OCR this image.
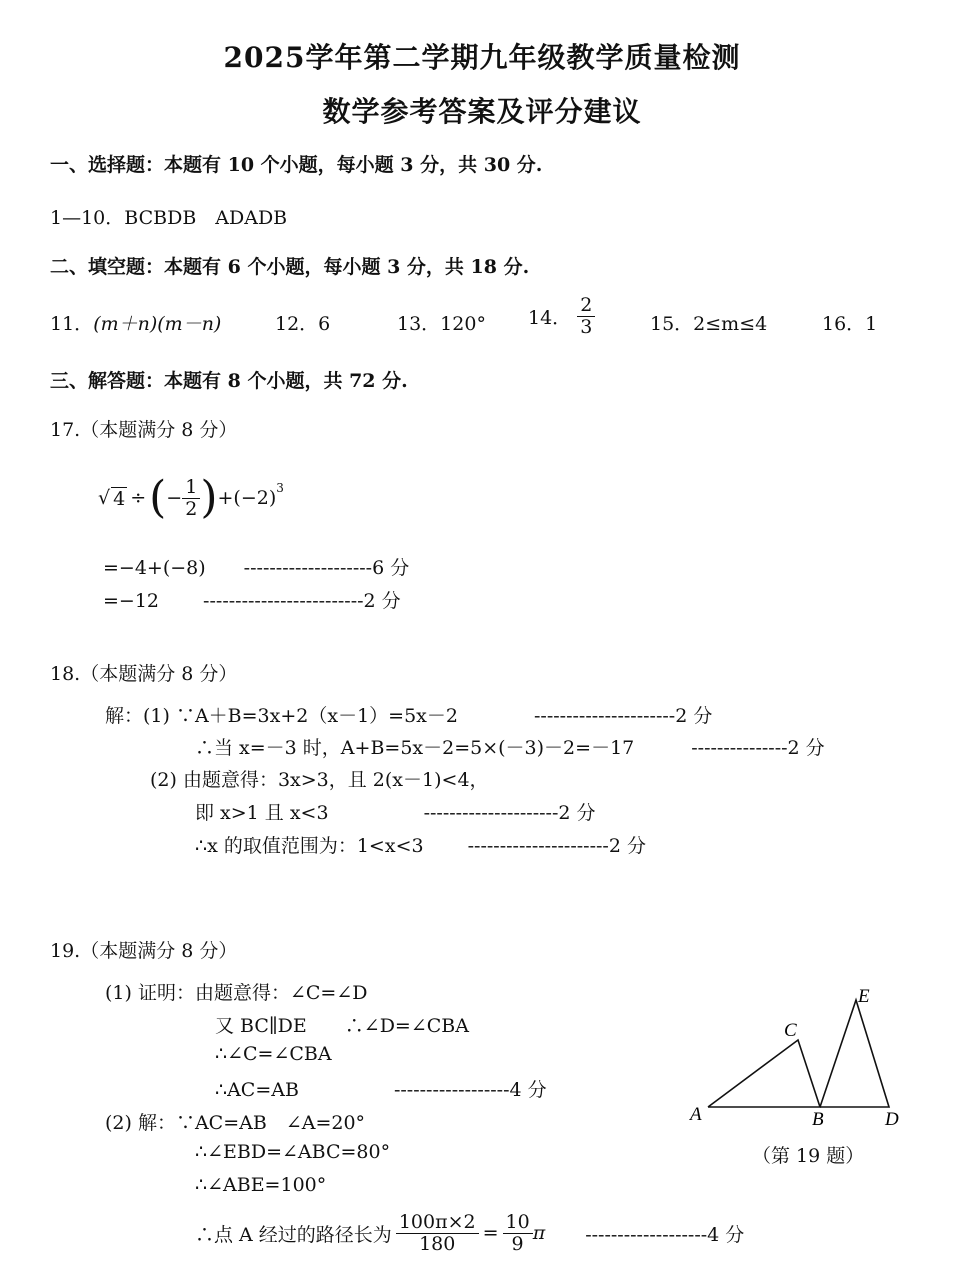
2025学年第二学期九年级教学质量检测
数学参考答案及评分建议
一、选择题：本题有 10 个小题，每小题 3 分，共 30 分.
1—10．BCBDB　ADADB
二、填空题：本题有 6 个小题，每小题 3 分，共 18 分.
11．(m＋n)(m－n)	12．6	13．120° 14． $\frac{2}{3}$	15．2≤m≤4	16．1
三、解答题：本题有 8 个小题，共 72 分.
17.（本题满分 8 分）
√ 4 ÷ ( − $\frac{1}{2}$ ) $+(-2)^3$
=−4+(−8)　　--------------------6 分
=−12　　 -------------------------2 分
18.（本题满分 8 分）
解：(1) ∵A＋B=3x+2（x－1）=5x－2　　　　----------------------2 分
∴当 x=－3 时，A+B=5x－2=5×(－3)－2=－17　　　---------------2 分
(2) 由题意得：3x>3，且 2(x－1)<4，
即 x>1 且 x<3　　　　　---------------------2 分
∴x 的取值范围为：1<x<3　　 ----------------------2 分
19.（本题满分 8 分）
(1) 证明：由题意得：∠C=∠D
又 BC∥DE　　∴∠D=∠CBA
∴∠C=∠CBA
∴AC=AB　　　　　------------------4 分
(2) 解：∵AC=AB　∠A=20°
∴∠EBD=∠ABC=80°
∴∠ABE=100°
∴点 A 经过的路径长为 $\frac{100\pi\times 2}{180} = \frac{10}{9}$ π -------------------4 分
A
C
B
E
D
（第 19 题）
